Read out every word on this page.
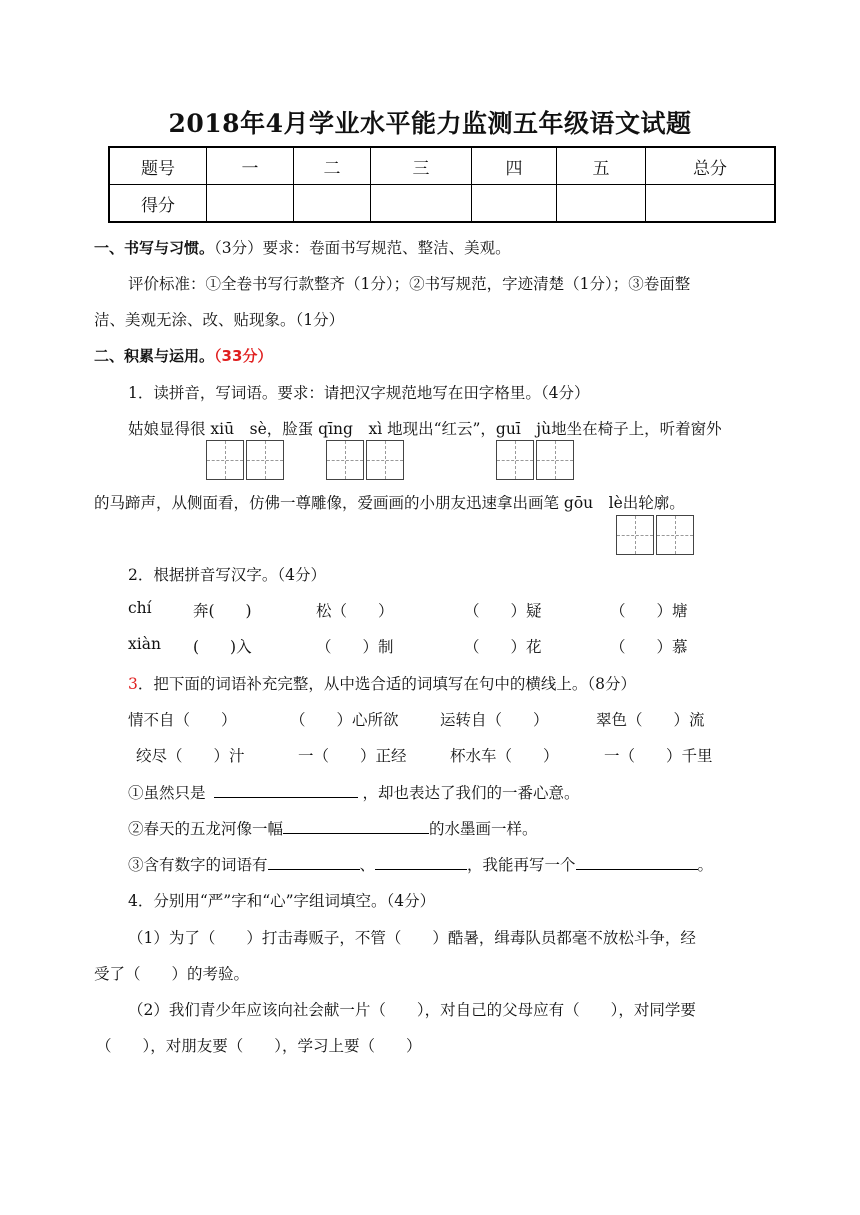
2018年4月学业水平能力监测五年级语文试题
题号	一	二	三	四	五	总分
得分						
一、书写与习惯。（3分）要求：卷面书写规范、整洁、美观。
评价标准：①全卷书写行款整齐（1分）；②书写规范，字迹清楚（1分）；③卷面整
洁、美观无涂、改、贴现象。（1分）
二、积累与运用。（33分）
1．读拼音，写词语。要求：请把汉字规范地写在田字格里。（4分）
姑娘显得很 xiū　sè，脸蛋 qīng　xì 地现出“红云”，guī　jù地坐在椅子上，听着窗外
的马蹄声，从侧面看，仿佛一尊雕像，爱画画的小朋友迅速拿出画笔 gōu　lè出轮廓。
2．根据拼音写汉字。（4分）
chí	奔(　　)	松（　　）	（　　）疑	（　　）塘
xiàn (　　)入	（　　）制	（　　）花	（　　）慕
3．把下面的词语补充完整，从中选合适的词填写在句中的横线上。（8分）
情不自（　　）	（　　）心所欲	运转自（　　）	翠色（　　）流
绞尽（　　）汁	一（　　）正经	杯水车（　　）	一（　　）千里
①虽然只是	，却也表达了我们的一番心意。
②春天的五龙河像一幅	的水墨画一样。
③含有数字的词语有	、	，我能再写一个	。
4．分别用“严”字和“心”字组词填空。（4分）
（1）为了（　　）打击毒贩子，不管（　　）酷暑，缉毒队员都毫不放松斗争，经
受了（　　）的考验。
（2）我们青少年应该向社会献一片（　　），对自己的父母应有（　　），对同学要
（　　），对朋友要（　　），学习上要（　　）
